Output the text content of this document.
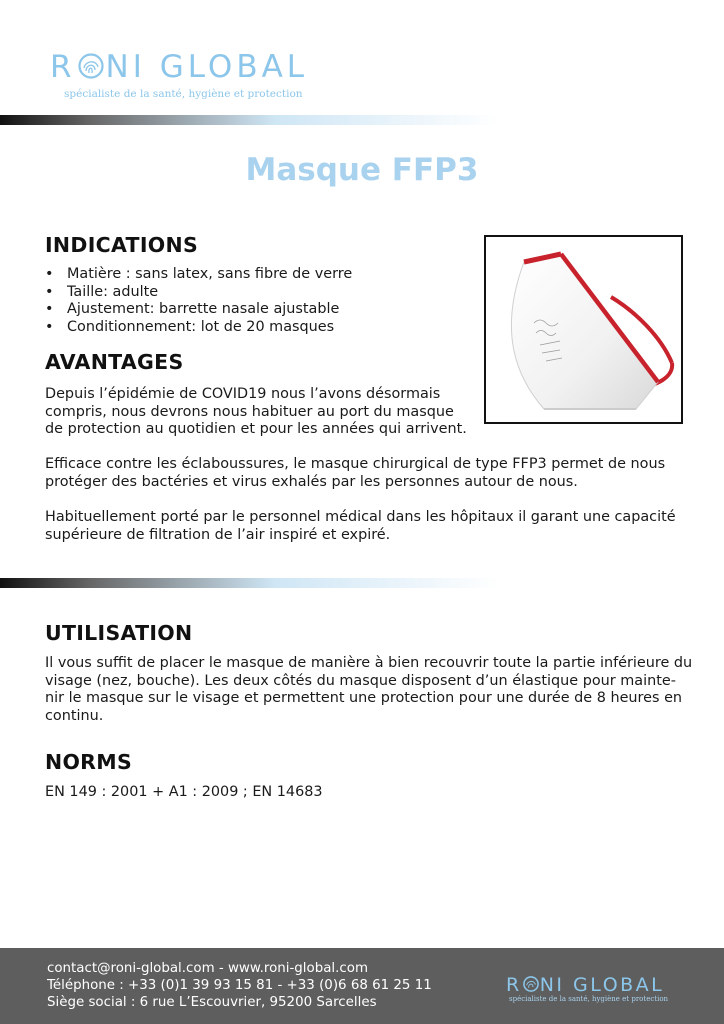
R NI GLOBAL
spécialiste de la santé, hygiène et protection
Masque FFP3
INDICATIONS
• Matière : sans latex, sans fibre de verre
• Taille: adulte
• Ajustement: barrette nasale ajustable
• Conditionnement: lot de 20 masques
AVANTAGES
Depuis l’épidémie de COVID19 nous l’avons désormais
compris, nous devrons nous habituer au port du masque
de protection au quotidien et pour les années qui arrivent.
Efficace contre les éclaboussures, le masque chirurgical de type FFP3 permet de nous
protéger des bactéries et virus exhalés par les personnes autour de nous.
Habituellement porté par le personnel médical dans les hôpitaux il garant une capacité
supérieure de filtration de l’air inspiré et expiré.
UTILISATION
Il vous suffit de placer le masque de manière à bien recouvrir toute la partie inférieure du
visage (nez, bouche). Les deux côtés du masque disposent d’un élastique pour mainte-
nir le masque sur le visage et permettent une protection pour une durée de 8 heures en
continu.
NORMS
EN 149 : 2001 + A1 : 2009 ; EN 14683
contact@roni-global.com - www.roni-global.com
Téléphone : +33 (0)1 39 93 15 81 - +33 (0)6 68 61 25 11
Siège social : 6 rue L’Escouvrier, 95200 Sarcelles
R NI GLOBAL
spécialiste de la santé, hygiène et protection
